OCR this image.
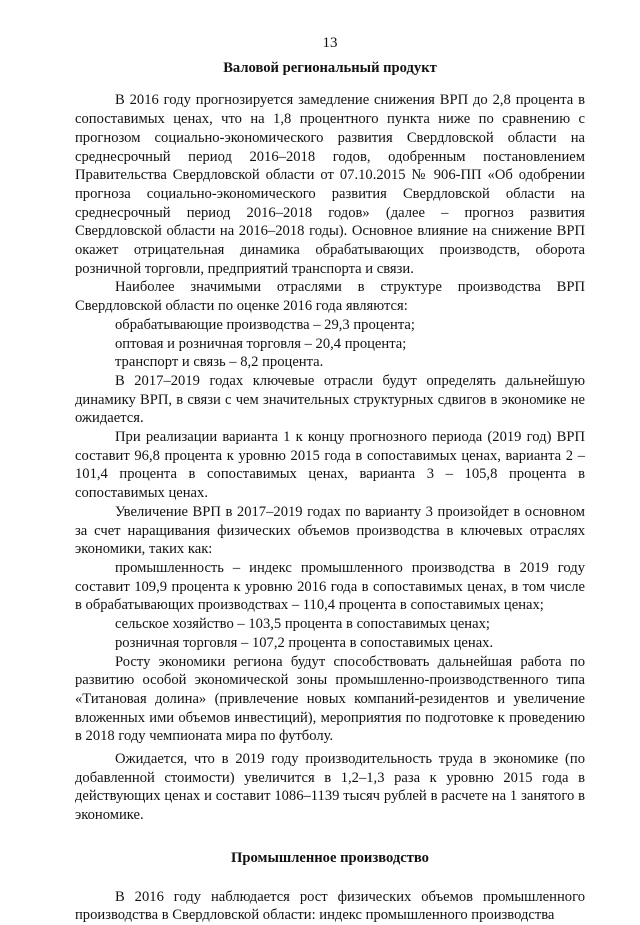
13
Валовой региональный продукт

В 2016 году прогнозируется замедление снижения ВРП до 2,8 процента в сопоставимых ценах, что на 1,8 процентного пункта ниже по сравнению с прогнозом социально-экономического развития Свердловской области на среднесрочный период 2016–2018 годов, одобренным постановлением Правительства Свердловской области от 07.10.2015 № 906-ПП «Об одобрении прогноза социально-экономического развития Свердловской области на среднесрочный период 2016–2018 годов» (далее – прогноз развития Свердловской области на 2016–2018 годы). Основное влияние на снижение ВРП окажет отрицательная динамика обрабатывающих производств, оборота розничной торговли, предприятий транспорта и связи.

Наиболее значимыми отраслями в структуре производства ВРП Свердловской области по оценке 2016 года являются:

обрабатывающие производства – 29,3 процента;

оптовая и розничная торговля – 20,4 процента;

транспорт и связь – 8,2 процента.

В 2017–2019 годах ключевые отрасли будут определять дальнейшую динамику ВРП, в связи с чем значительных структурных сдвигов в экономике не ожидается.

При реализации варианта 1 к концу прогнозного периода (2019 год) ВРП составит 96,8 процента к уровню 2015 года в сопоставимых ценах, варианта 2 – 101,4 процента в сопоставимых ценах, варианта 3 – 105,8 процента в сопоставимых ценах.

Увеличение ВРП в 2017–2019 годах по варианту 3 произойдет в основном за счет наращивания физических объемов производства в ключевых отраслях экономики, таких как:

промышленность – индекс промышленного производства в 2019 году составит 109,9 процента к уровню 2016 года в сопоставимых ценах, в том числе в обрабатывающих производствах – 110,4 процента в сопоставимых ценах;

сельское хозяйство – 103,5 процента в сопоставимых ценах;

розничная торговля – 107,2 процента в сопоставимых ценах.

Росту экономики региона будут способствовать дальнейшая работа по развитию особой экономической зоны промышленно-производственного типа «Титановая долина» (привлечение новых компаний-резидентов и увеличение вложенных ими объемов инвестиций), мероприятия по подготовке к проведению в 2018 году чемпионата мира по футболу.

Ожидается, что в 2019 году производительность труда в экономике (по добавленной стоимости) увеличится в 1,2–1,3 раза к уровню 2015 года в действующих ценах и составит 1086–1139 тысяч рублей в расчете на 1 занятого в экономике.

Промышленное производство

В 2016 году наблюдается рост физических объемов промышленного производства в Свердловской области: индекс промышленного производства
